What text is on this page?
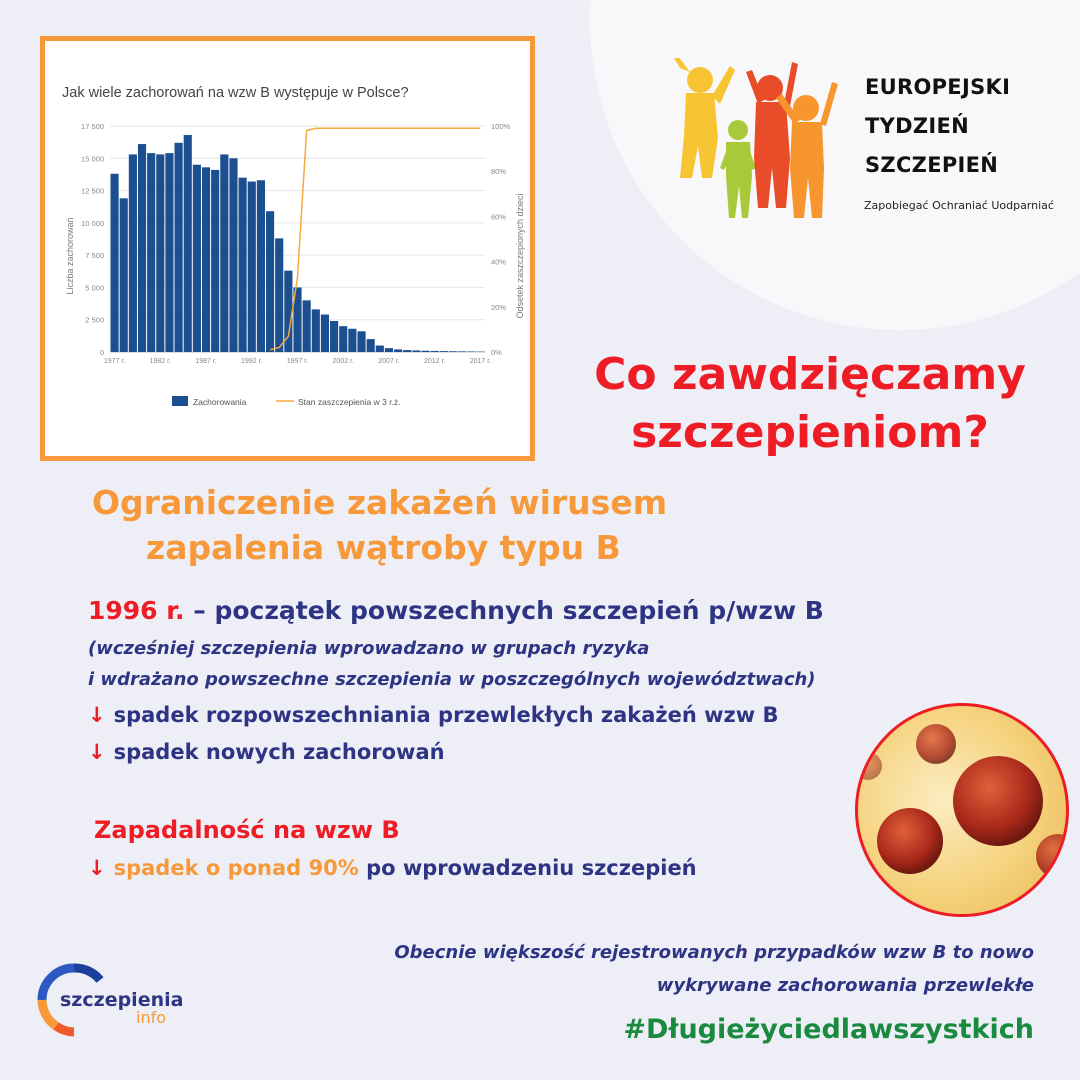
Jak wiele zachorowań na wzw B występuje w Polsce?
Liczba zachorowań	Odsetek zaszczepionych dzieci
0
2 500
5 000
7 500
10 000
12 500
15 000
17 500
0%
20%
40%
60%
80%
100%
1977 r.	1982 r.	1987 r.	1992 r.	1997 r.	2002 r.	2007 r.	2012 r.	2017 r.
Zachorowania	Stan zaszczepienia w 3 r.ż.
EUROPEJSKI
TYDZIEŃ
SZCZEPIEŃ
Zapobiegać Ochraniać Uodparniać
Co zawdzięczamy szczepieniom?
Ograniczenie zakażeń wirusem
zapalenia wątroby typu B
1996 r. – początek powszechnych szczepień p/wzw B
(wcześniej szczepienia wprowadzano w grupach ryzyka
i wdrażano powszechne szczepienia w poszczególnych województwach)
↓ spadek rozpowszechniania przewlekłych zakażeń wzw B
↓ spadek nowych zachorowań
Zapadalność na wzw B
↓ spadek o ponad 90% po wprowadzeniu szczepień
Obecnie większość rejestrowanych przypadków wzw B to nowo wykrywane zachorowania przewlekłe
#Długieżyciedlawszystkich
szczepienia
info
